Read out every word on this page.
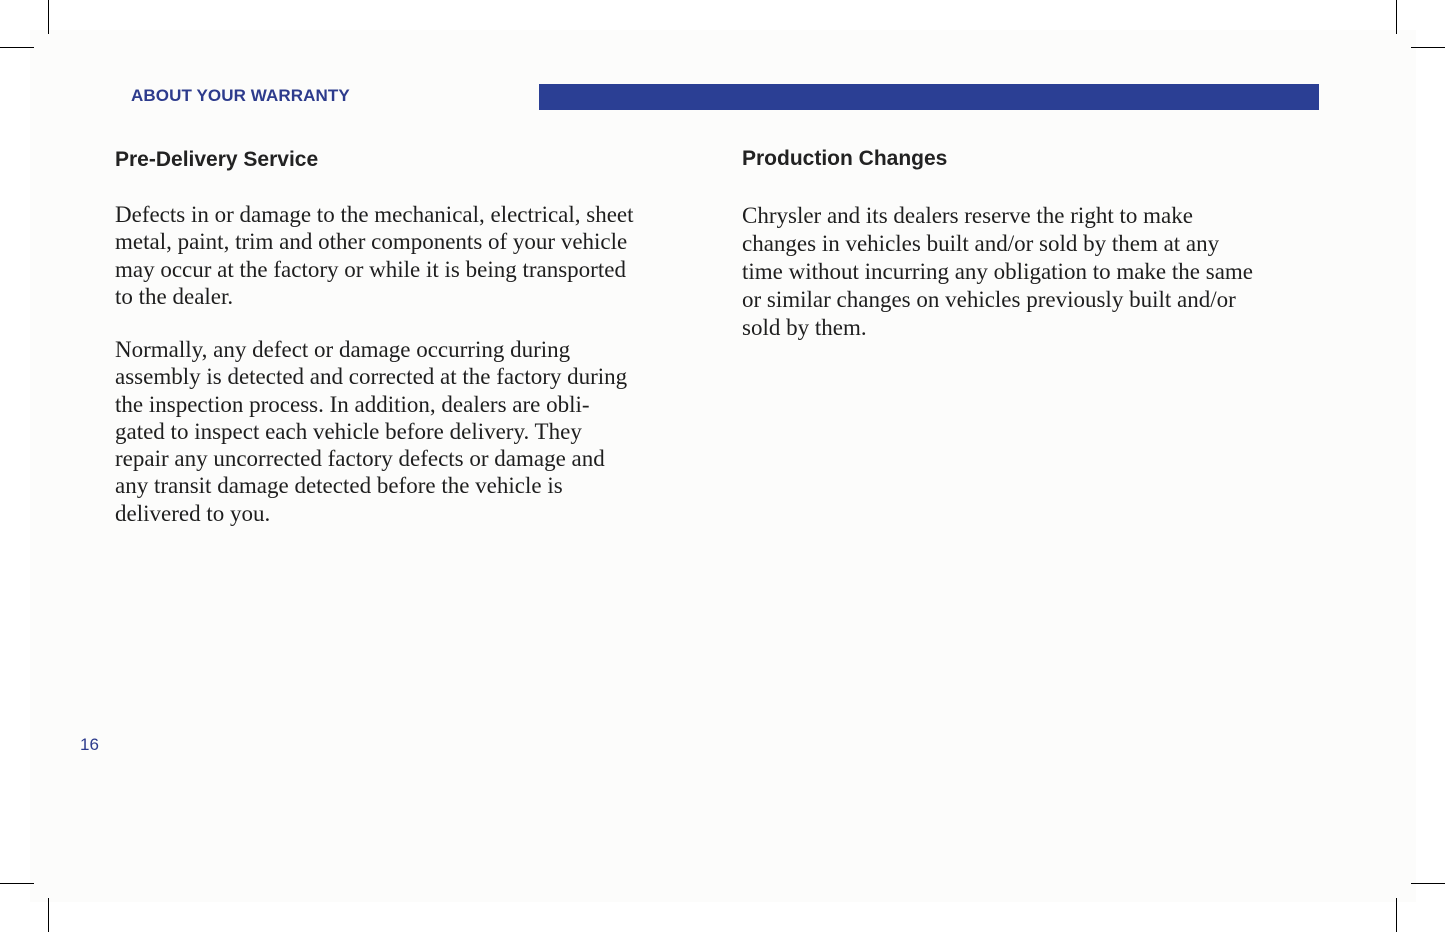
ABOUT YOUR WARRANTY
Pre-Delivery Service

Defects in or damage to the mechanical, electrical, sheet
metal, paint, trim and other components of your vehicle
may occur at the factory or while it is being transported
to the dealer.

Normally, any defect or damage occurring during
assembly is detected and corrected at the factory during
the inspection process. In addition, dealers are obli-
gated to inspect each vehicle before delivery. They
repair any uncorrected factory defects or damage and
any transit damage detected before the vehicle is
delivered to you.

Production Changes

Chrysler and its dealers reserve the right to make
changes in vehicles built and/or sold by them at any
time without incurring any obligation to make the same
or similar changes on vehicles previously built and/or
sold by them.

16
